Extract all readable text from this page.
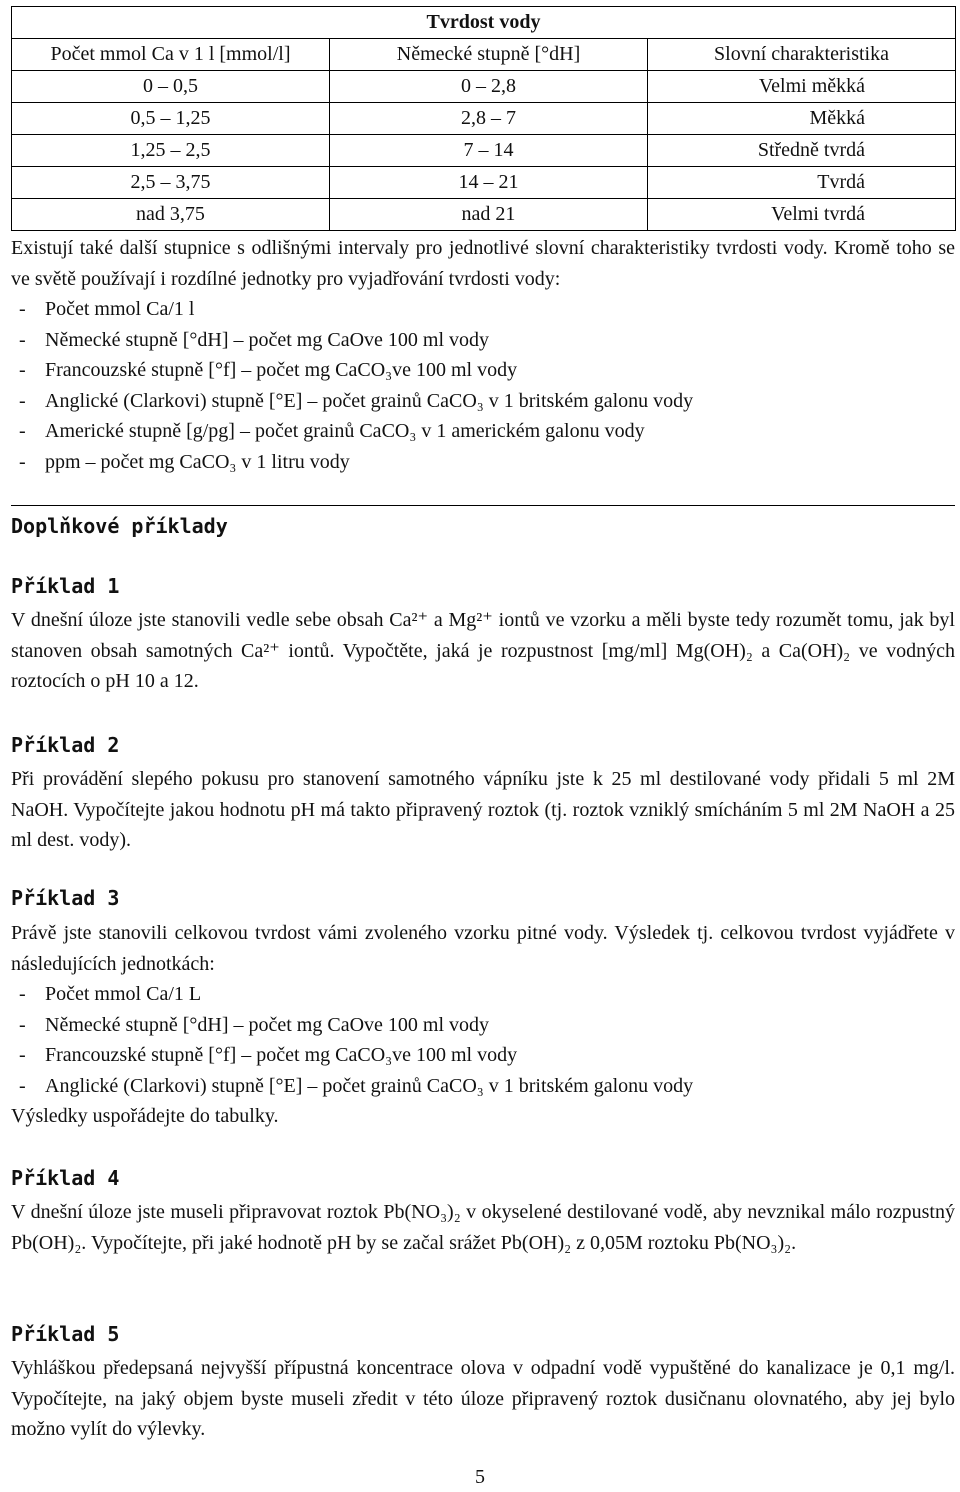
Tvrdost vody		
Počet mmol Ca v 1 l [mmol/l]	Německé stupně [°dH]	Slovní charakteristika
0 – 0,5	0 – 2,8	Velmi měkká
0,5 – 1,25	2,8 – 7	Měkká
1,25 – 2,5	7 – 14	Středně tvrdá
2,5 – 3,75	14 – 21	Tvrdá
nad 3,75	nad 21	Velmi tvrdá

Existují také další stupnice s odlišnými intervaly pro jednotlivé slovní charakteristiky tvrdosti vody. Kromě toho se ve světě používají i rozdílné jednotky pro vyjadřování tvrdosti vody:

- Počet mmol Ca/1 l
- Německé stupně [°dH] – počet mg CaOve 100 ml vody
- Francouzské stupně [°f] – počet mg CaCO₃ve 100 ml vody
- Anglické (Clarkovi) stupně [°E] – počet grainů CaCO₃ v 1 britském galonu vody
- Americké stupně [g/pg] – počet grainů CaCO₃ v 1 americkém galonu vody
- ppm – počet mg CaCO₃ v 1 litru vody
Doplňkové příklady
Příklad 1

V dnešní úloze jste stanovili vedle sebe obsah Ca²⁺ a Mg²⁺ iontů ve vzorku a měli byste tedy rozumět tomu, jak byl stanoven obsah samotných Ca²⁺ iontů. Vypočtěte, jaká je rozpustnost [mg/ml] Mg(OH)₂ a Ca(OH)₂ ve vodných roztocích o pH 10 a 12.

Příklad 2

Při provádění slepého pokusu pro stanovení samotného vápníku jste k 25 ml destilované vody přidali 5 ml 2M NaOH. Vypočítejte jakou hodnotu pH má takto připravený roztok (tj. roztok vzniklý smícháním 5 ml 2M NaOH a 25 ml dest. vody).

Příklad 3

Právě jste stanovili celkovou tvrdost vámi zvoleného vzorku pitné vody. Výsledek tj. celkovou tvrdost vyjádřete v následujících jednotkách:

- Počet mmol Ca/1 L
- Německé stupně [°dH] – počet mg CaOve 100 ml vody
- Francouzské stupně [°f] – počet mg CaCO₃ve 100 ml vody
- Anglické (Clarkovi) stupně [°E] – počet grainů CaCO₃ v 1 britském galonu vody

Výsledky uspořádejte do tabulky.

Příklad 4

V dnešní úloze jste museli připravovat roztok Pb(NO₃)₂ v okyselené destilované vodě, aby nevznikal málo rozpustný Pb(OH)₂. Vypočítejte, při jaké hodnotě pH by se začal srážet Pb(OH)₂ z 0,05M roztoku Pb(NO₃)₂.

Příklad 5

Vyhláškou předepsaná nejvyšší přípustná koncentrace olova v odpadní vodě vypuštěné do kanalizace je 0,1 mg/l. Vypočítejte, na jaký objem byste museli zředit v této úloze připravený roztok dusičnanu olovnatého, aby jej bylo možno vylít do výlevky.

5
